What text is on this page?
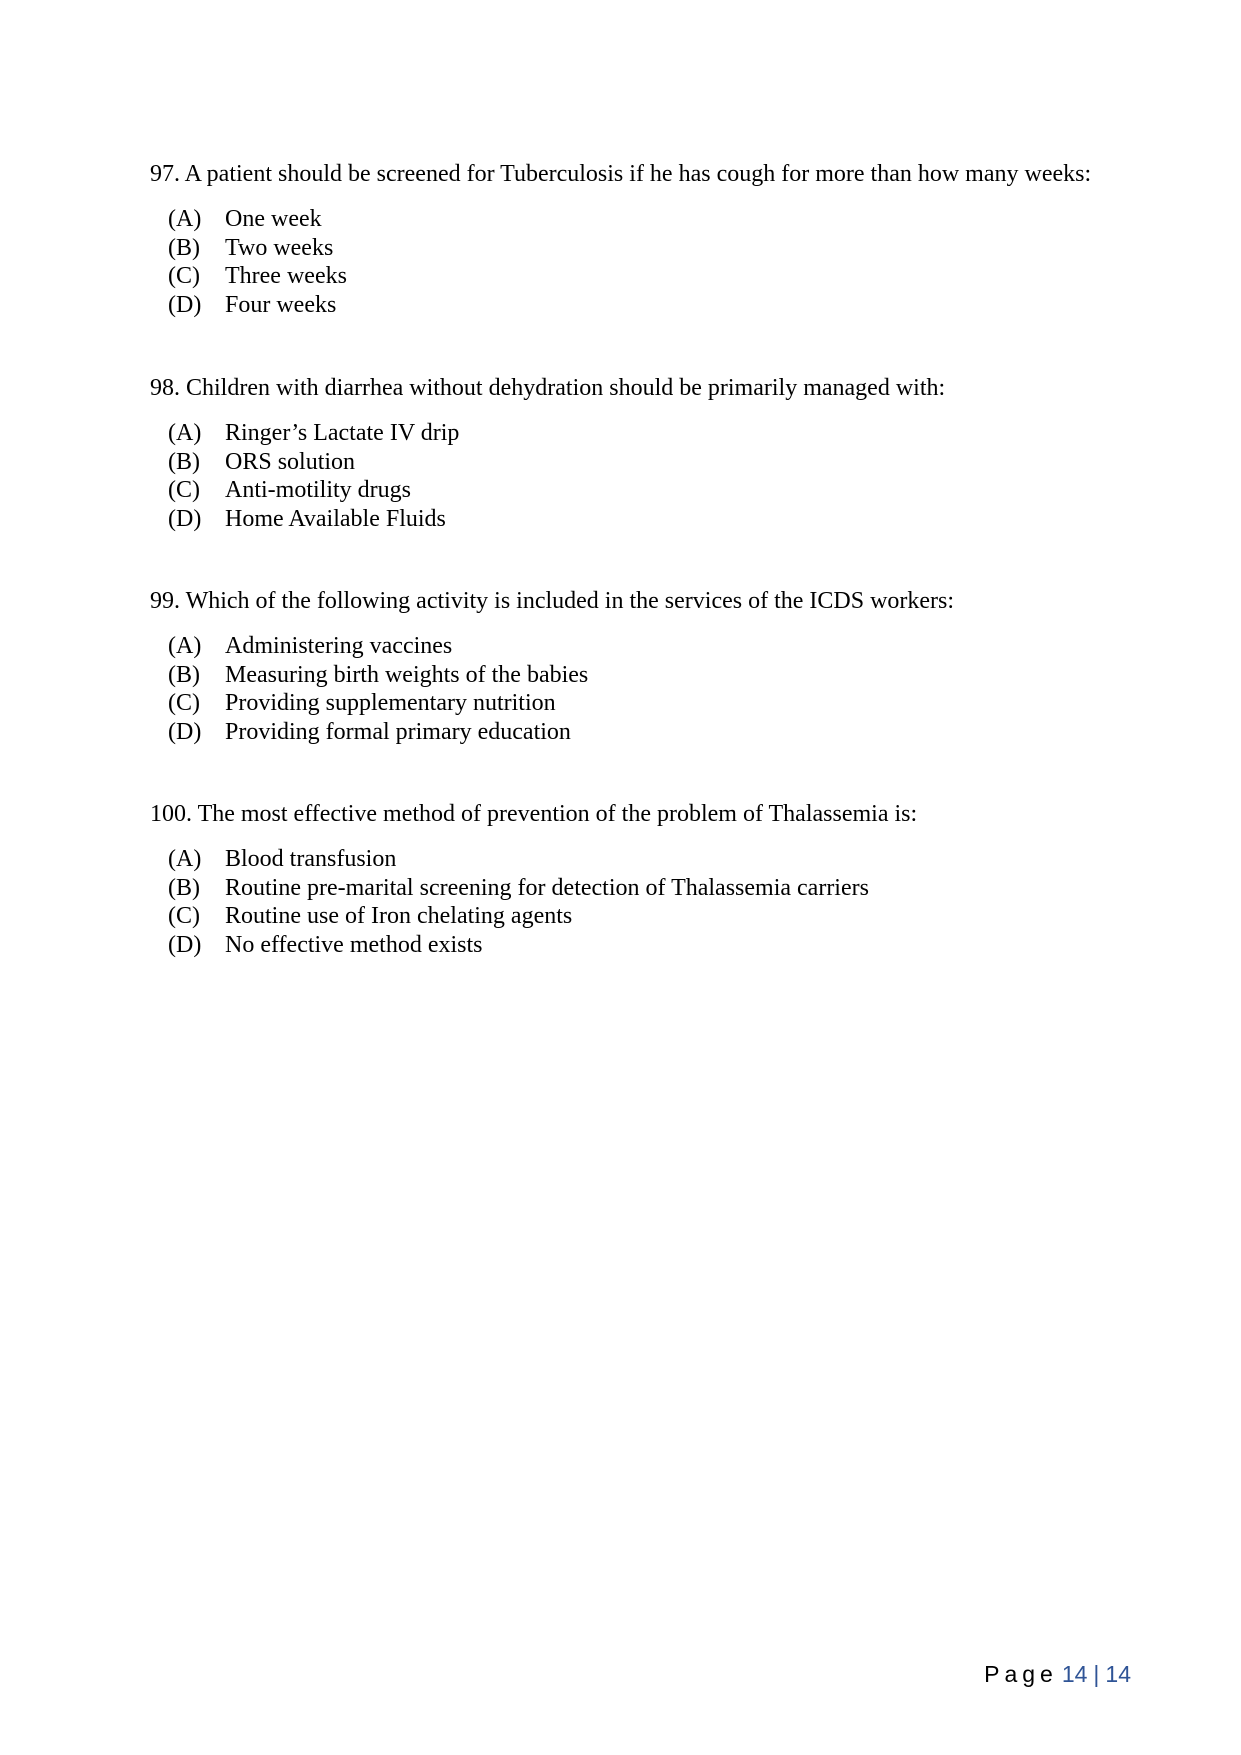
97. A patient should be screened for Tuberculosis if he has cough for more than how many weeks:

(A) One week
(B)	Two weeks
(C)	Three weeks
(D) Four weeks

98. Children with diarrhea without dehydration should be primarily managed with:

(A) Ringer’s Lactate IV drip
(B)	ORS solution
(C)	Anti-motility drugs
(D) Home Available Fluids

99. Which of the following activity is included in the services of the ICDS workers:

(A) Administering vaccines
(B)	Measuring birth weights of the babies
(C)	Providing supplementary nutrition
(D) Providing formal primary education

100. The most effective method of prevention of the problem of Thalassemia is:

(A) Blood transfusion
(B)	Routine pre-marital screening for detection of Thalassemia carriers
(C)	Routine use of Iron chelating agents
(D) No effective method exists
Page 14 | 14
